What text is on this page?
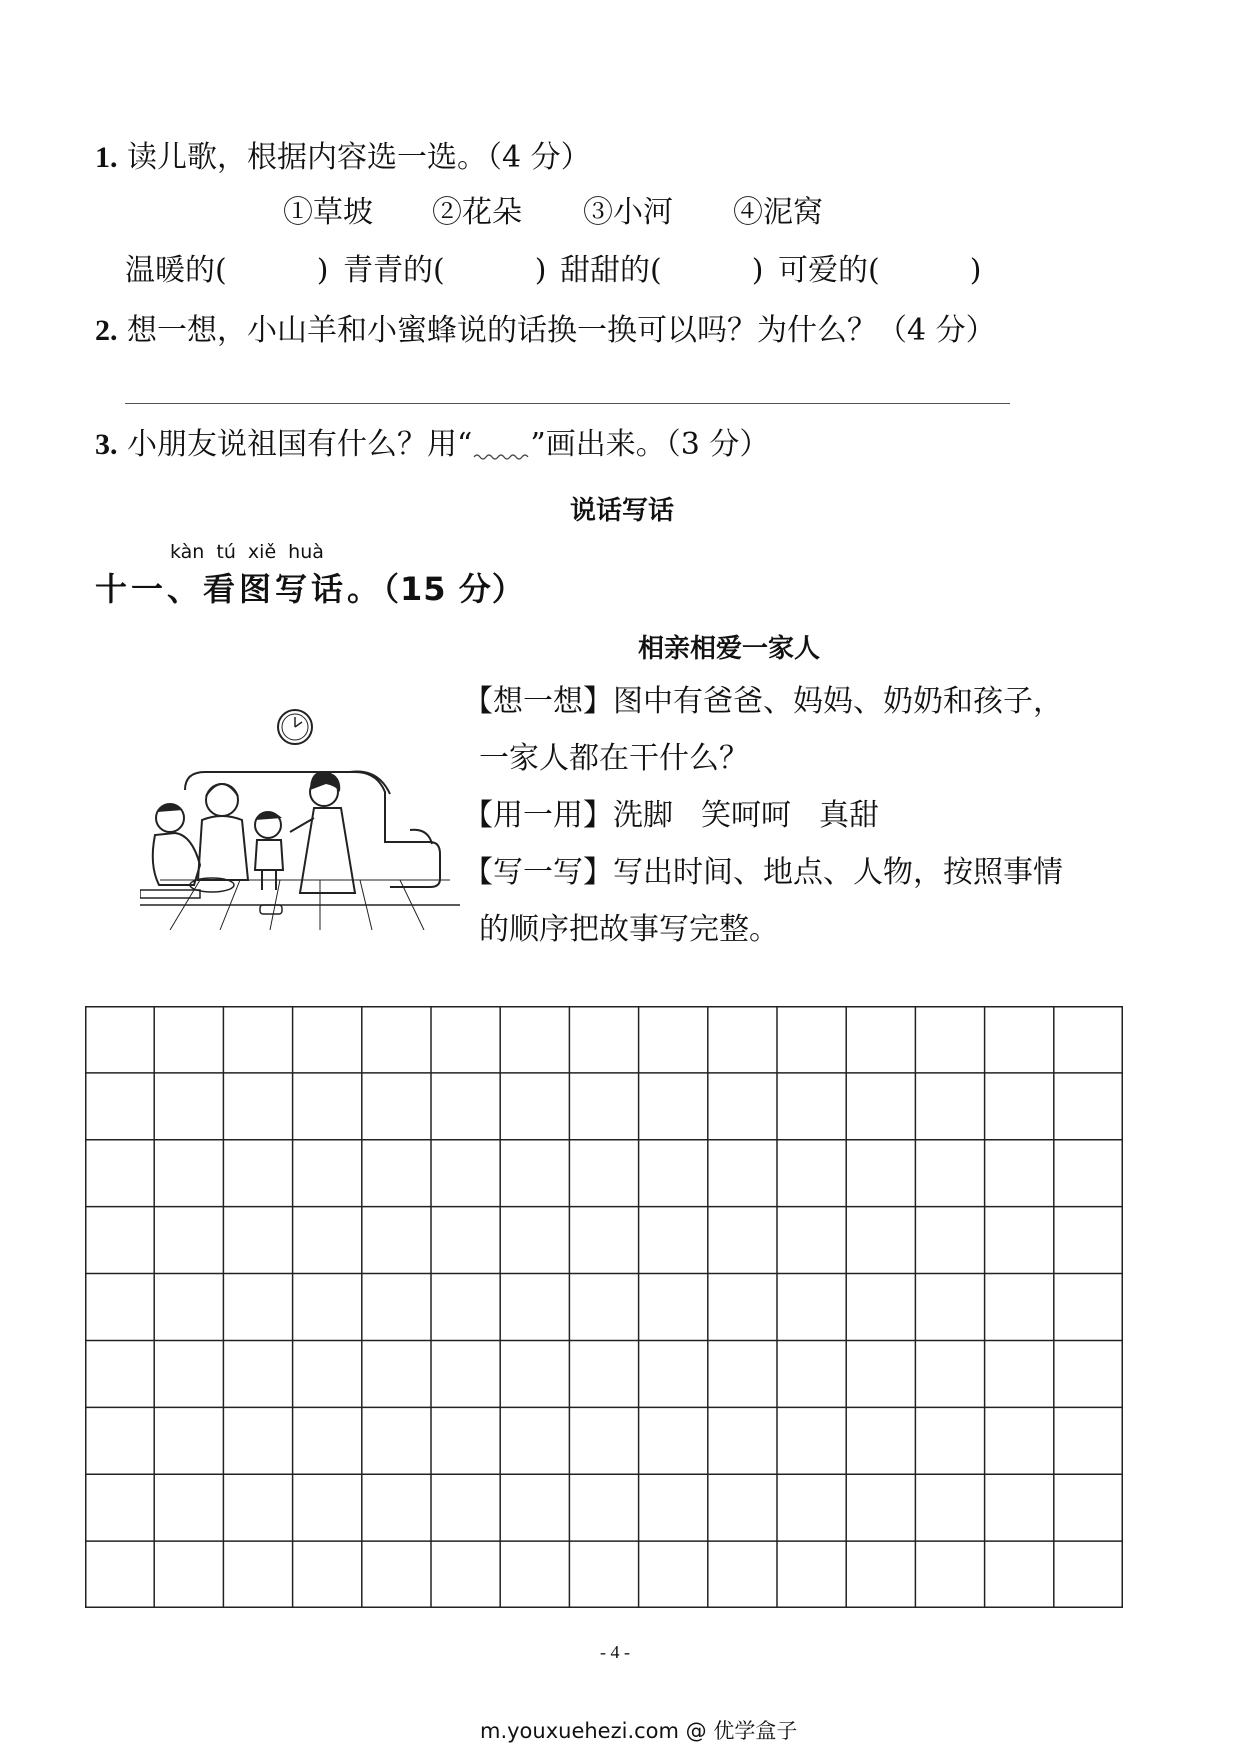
1. 读儿歌，根据内容选一选。（4 分）
①草坡 ②花朵 ③小河 ④泥窝
温暖的(　　　) 青青的(　　　) 甜甜的(　　　) 可爱的(　　　)
2. 想一想，小山羊和小蜜蜂说的话换一换可以吗？为什么？（4 分）
3. 小朋友说祖国有什么？用“ ”画出来。（3 分）
说话写话
kàn tú xiě huà
十一、看图写话。（15 分）
相亲相爱一家人
【想一想】图中有爸爸、妈妈、奶奶和孩子，
一家人都在干什么？
【用一用】洗脚 笑呵呵 真甜
【写一写】写出时间、地点、人物，按照事情
的顺序把故事写完整。
- 4 -
m.youxuehezi.com @ 优学盒子
